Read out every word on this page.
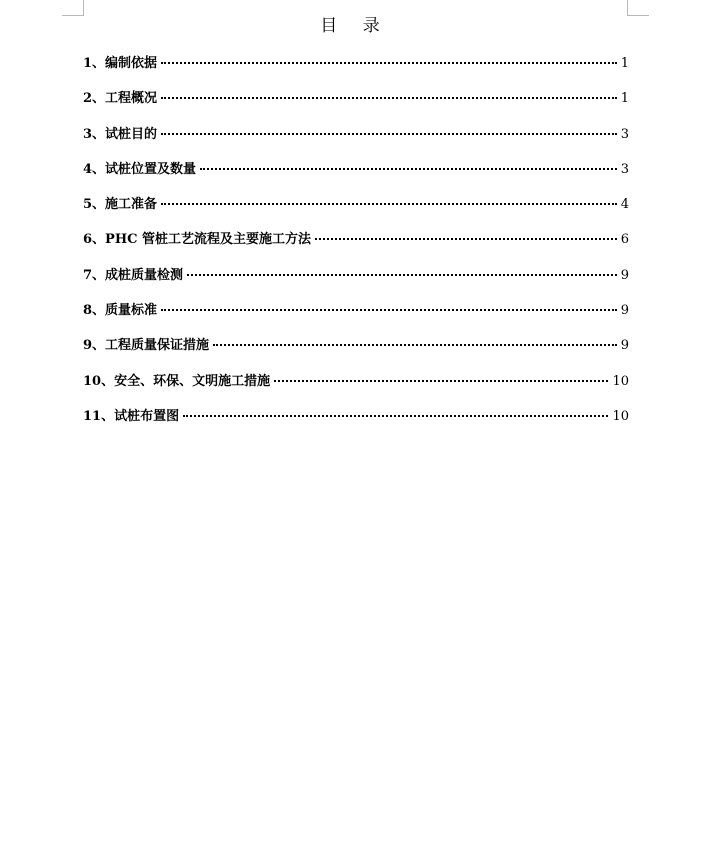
目 录
1、编制依据	1
2、工程概况	1
3、试桩目的	3
4、试桩位置及数量	3
5、施工准备	4
6、PHC 管桩工艺流程及主要施工方法	6
7、成桩质量检测	9
8、质量标准	9
9、工程质量保证措施	9
10、安全、环保、文明施工措施	10
11、试桩布置图	10
